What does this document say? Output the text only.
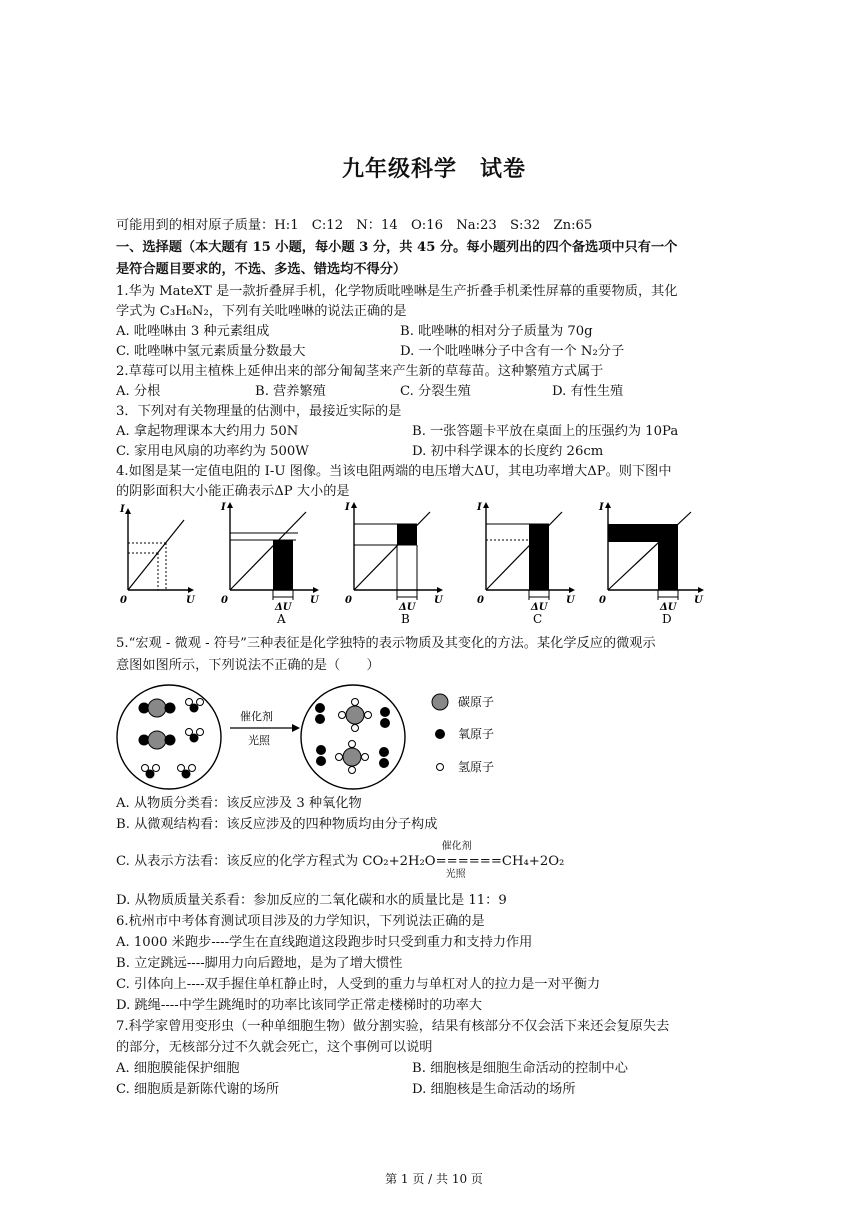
九年级科学　试卷
可能用到的相对原子质量：H:1　C:12　N：14　O:16　Na:23　S:32　Zn:65
一、选择题（本大题有 15 小题，每小题 3 分，共 45 分。每小题列出的四个备选项中只有一个
是符合题目要求的，不选、多选、错选均不得分）
1.华为 MateXT 是一款折叠屏手机，化学物质吡唑啉是生产折叠手机柔性屏幕的重要物质，其化
学式为 C₃H₆N₂，下列有关吡唑啉的说法正确的是
A. 吡唑啉由 3 种元素组成	B. 吡唑啉的相对分子质量为 70g
C. 吡唑啉中氢元素质量分数最大	D. 一个吡唑啉分子中含有一个 N₂分子
2.草莓可以用主植株上延伸出来的部分匍匐茎来产生新的草莓苗。这种繁殖方式属于
A. 分根	B. 营养繁殖	C. 分裂生殖	D. 有性生殖
3．下列对有关物理量的估测中，最接近实际的是
A. 拿起物理课本大约用力 50N	B. 一张答题卡平放在桌面上的压强约为 10Pa
C. 家用电风扇的功率约为 500W	D. 初中科学课本的长度约 26cm
4.如图是某一定值电阻的 I-U 图像。当该电阻两端的电压增大ΔU，其电功率增大ΔP。则下图中
的阴影面积大小能正确表示ΔP 大小的是
I
U
0
I
U
0
ΔU
A
I
U
0
ΔU
B
I
U
0
ΔU
C
I
U
0
ΔU
D
5.“宏观 - 微观 - 符号”三种表征是化学独特的表示物质及其变化的方法。某化学反应的微观示
意图如图所示，下列说法不正确的是（　　）
催化剂
光照
碳原子
氧原子
氢原子
A. 从物质分类看：该反应涉及 3 种氧化物
B. 从微观结构看：该反应涉及的四种物质均由分子构成
C. 从表示方法看：该反应的化学方程式为 CO₂+2H₂O
催化剂
======
光照
CH₄+2O₂
D. 从物质质量关系看：参加反应的二氧化碳和水的质量比是 11：9
6.杭州市中考体育测试项目涉及的力学知识，下列说法正确的是
A. 1000 米跑步----学生在直线跑道这段跑步时只受到重力和支持力作用
B. 立定跳远----脚用力向后蹬地，是为了增大惯性
C. 引体向上----双手握住单杠静止时，人受到的重力与单杠对人的拉力是一对平衡力
D. 跳绳----中学生跳绳时的功率比该同学正常走楼梯时的功率大
7.科学家曾用变形虫（一种单细胞生物）做分割实验，结果有核部分不仅会活下来还会复原失去
的部分，无核部分过不久就会死亡，这个事例可以说明
A. 细胞膜能保护细胞	B. 细胞核是细胞生命活动的控制中心
C. 细胞质是新陈代谢的场所	D. 细胞核是生命活动的场所
第 1 页 / 共 10 页
